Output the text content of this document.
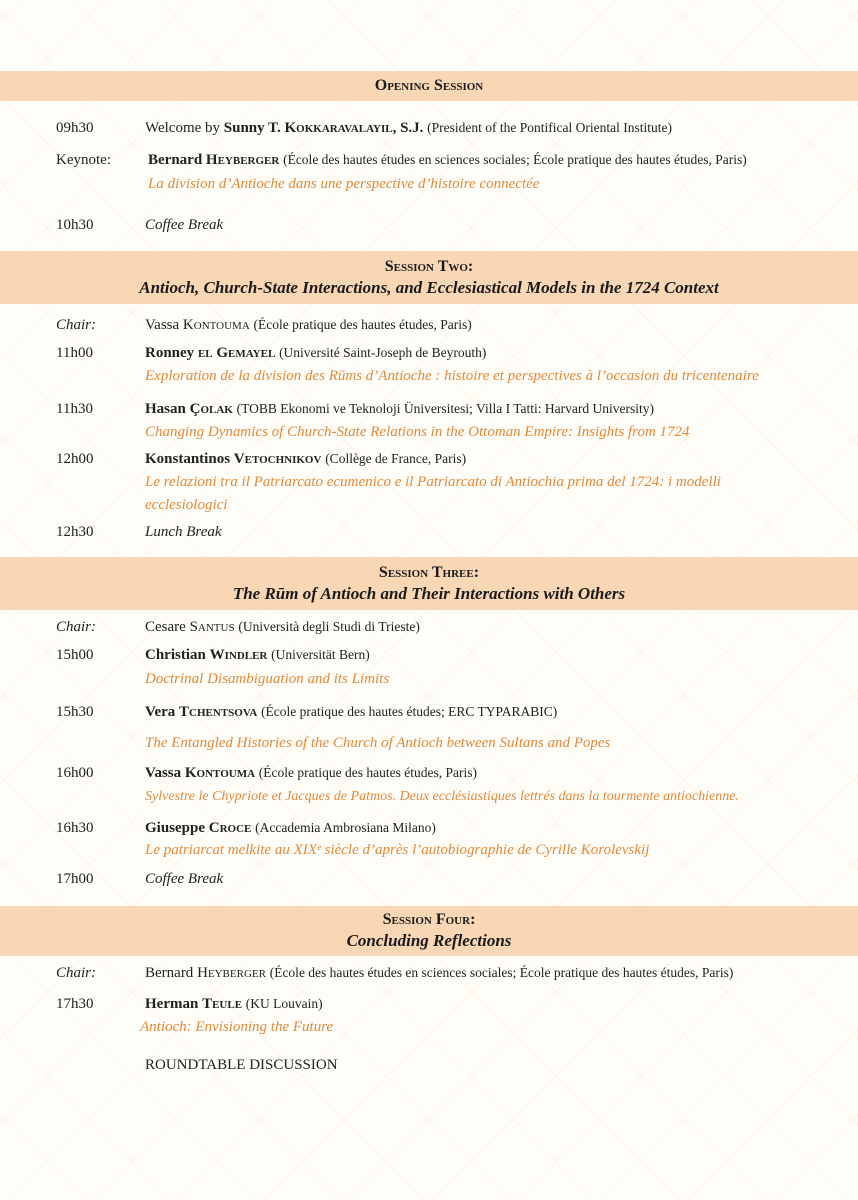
Opening Session
09h30	Welcome by Sunny T. Kokkaravalayil, S.J. (President of the Pontifical Oriental Institute)
Keynote: Bernard Heyberger (École des hautes études en sciences sociales; École pratique des hautes études, Paris)
La division d’Antioche dans une perspective d’histoire connectée
10h30	Coffee Break
Session Two:
Antioch, Church-State Interactions, and Ecclesiastical Models in the 1724 Context
Chair:	Vassa Kontouma (École pratique des hautes études, Paris)
11h00	Ronney el Gemayel (Université Saint-Joseph de Beyrouth)
Exploration de la division des Rūms d’Antioche : histoire et perspectives à l’occasion du tricentenaire
11h30	Hasan Çolak (TOBB Ekonomi ve Teknoloji Üniversitesi; Villa I Tatti: Harvard University)
Changing Dynamics of Church-State Relations in the Ottoman Empire: Insights from 1724
12h00	Konstantinos Vetochnikov (Collège de France, Paris)
Le relazioni tra il Patriarcato ecumenico e il Patriarcato di Antiochia prima del 1724: i modelli
ecclesiologici
12h30	Lunch Break
Session Three:
The Rūm of Antioch and Their Interactions with Others
Chair:	Cesare Santus (Università degli Studi di Trieste)
15h00	Christian Windler (Universität Bern)
Doctrinal Disambiguation and its Limits
15h30	Vera Tchentsova (École pratique des hautes études; ERC TYPARABIC)
The Entangled Histories of the Church of Antioch between Sultans and Popes
16h00	Vassa Kontouma (École pratique des hautes études, Paris)
Sylvestre le Chypriote et Jacques de Patmos. Deux ecclésiastiques lettrés dans la tourmente antiochienne.
16h30	Giuseppe Croce (Accademia Ambrosiana Milano)
Le patriarcat melkite au XIXᵉ siècle d’après l’autobiographie de Cyrille Korolevskij
17h00	Coffee Break
Session Four:
Concluding Reflections
Chair:	Bernard Heyberger (École des hautes études en sciences sociales; École pratique des hautes études, Paris)
17h30	Herman Teule (KU Louvain)
Antioch: Envisioning the Future
ROUNDTABLE DISCUSSION
